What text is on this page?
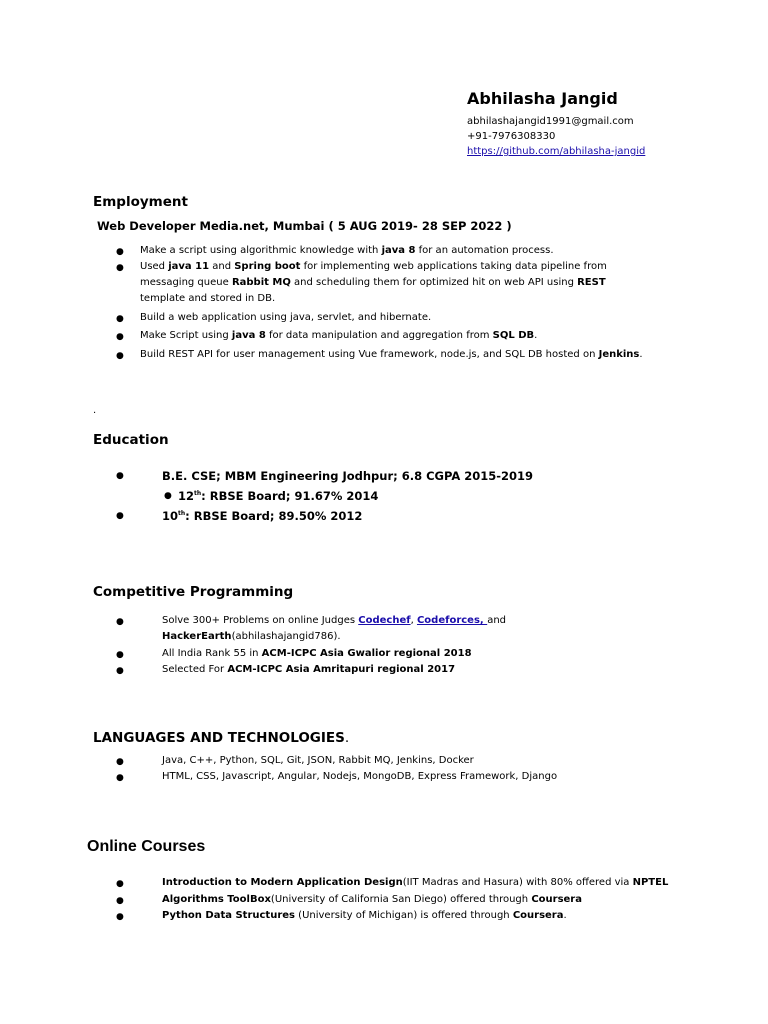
Abhilasha Jangid
abhilashajangid1991@gmail.com
+91-7976308330
https://github.com/abhilasha-jangid
Employment
Web Developer Media.net, Mumbai ( 5 AUG 2019- 28 SEP 2022 )
● Make a script using algorithmic knowledge with java 8 for an automation process.
● Used java 11 and Spring boot for implementing web applications taking data pipeline from
messaging queue Rabbit MQ and scheduling them for optimized hit on web API using REST
template and stored in DB.
● Build a web application using java, servlet, and hibernate.
● Make Script using java 8 for data manipulation and aggregation from SQL DB.
● Build REST API for user management using Vue framework, node.js, and SQL DB hosted on Jenkins.
.
Education
●	B.E. CSE; MBM Engineering Jodhpur; 6.8 CGPA 2015-2019
● 12th: RBSE Board; 91.67% 2014
●	10th: RBSE Board; 89.50% 2012
Competitive Programming
●	Solve 300+ Problems on online Judges Codechef, Codeforces, and
HackerEarth(abhilashajangid786).
●	All India Rank 55 in ACM-ICPC Asia Gwalior regional 2018
●	Selected For ACM-ICPC Asia Amritapuri regional 2017
LANGUAGES AND TECHNOLOGIES.
●	Java, C++, Python, SQL, Git, JSON, Rabbit MQ, Jenkins, Docker
●	HTML, CSS, Javascript, Angular, Nodejs, MongoDB, Express Framework, Django
Online Courses
●	Introduction to Modern Application Design(IIT Madras and Hasura) with 80% offered via NPTEL
●	Algorithms ToolBox(University of California San Diego) offered through Coursera
●	Python Data Structures (University of Michigan) is offered through Coursera.
